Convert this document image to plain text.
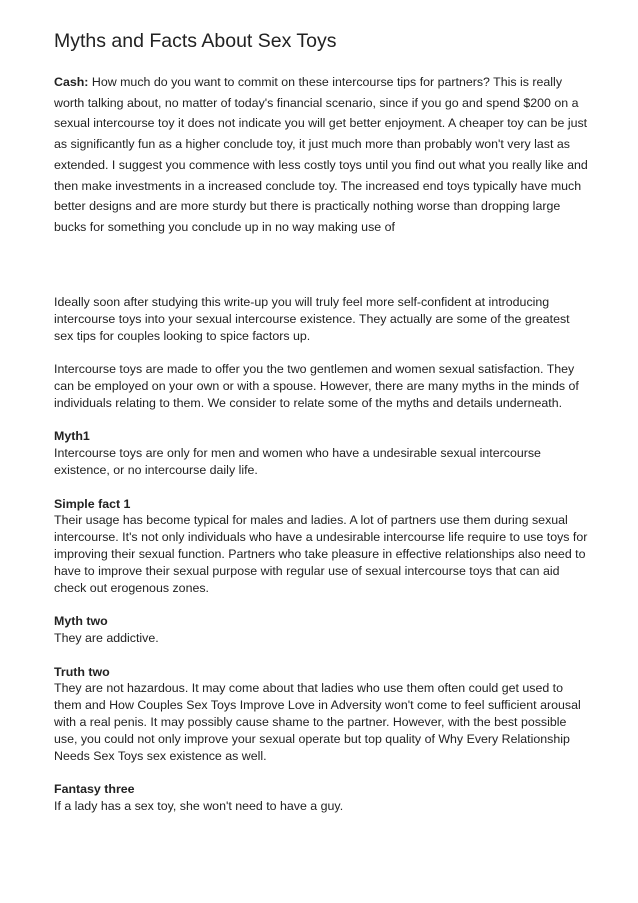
Myths and Facts About Sex Toys

Cash: How much do you want to commit on these intercourse tips for partners? This is really worth talking about, no matter of today's financial scenario, since if you go and spend $200 on a sexual intercourse toy it does not indicate you will get better enjoyment. A cheaper toy can be just as significantly fun as a higher conclude toy, it just much more than probably won't very last as extended. I suggest you commence with less costly toys until you find out what you really like and then make investments in a increased conclude toy. The increased end toys typically have much better designs and are more sturdy but there is practically nothing worse than dropping large bucks for something you conclude up in no way making use of

Ideally soon after studying this write-up you will truly feel more self-confident at introducing intercourse toys into your sexual intercourse existence. They actually are some of the greatest sex tips for couples looking to spice factors up.

Intercourse toys are made to offer you the two gentlemen and women sexual satisfaction. They can be employed on your own or with a spouse. However, there are many myths in the minds of individuals relating to them. We consider to relate some of the myths and details underneath.

Myth1
Intercourse toys are only for men and women who have a undesirable sexual intercourse existence, or no intercourse daily life.

Simple fact 1
Their usage has become typical for males and ladies. A lot of partners use them during sexual intercourse. It's not only individuals who have a undesirable intercourse life require to use toys for improving their sexual function. Partners who take pleasure in effective relationships also need to have to improve their sexual purpose with regular use of sexual intercourse toys that can aid check out erogenous zones.

Myth two
They are addictive.

Truth two
They are not hazardous. It may come about that ladies who use them often could get used to them and How Couples Sex Toys Improve Love in Adversity won't come to feel sufficient arousal with a real penis. It may possibly cause shame to the partner. However, with the best possible use, you could not only improve your sexual operate but top quality of Why Every Relationship Needs Sex Toys sex existence as well.

Fantasy three
If a lady has a sex toy, she won't need to have a guy.
